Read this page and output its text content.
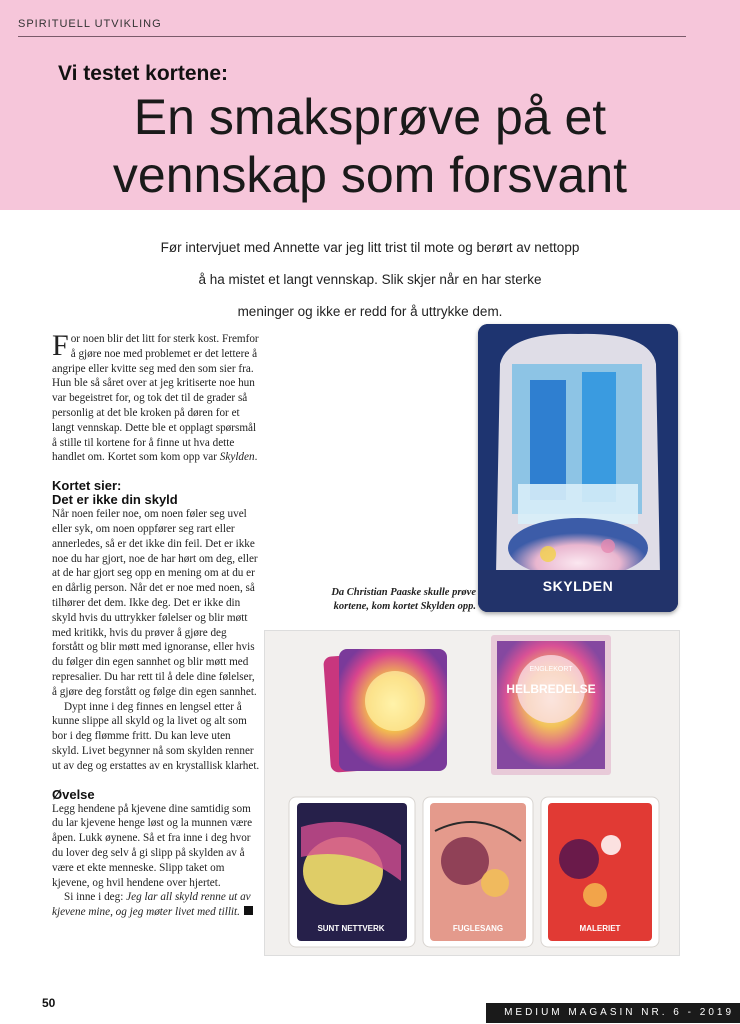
SPIRITUELL UTVIKLING
Vi testet kortene:
En smaksprøve på et
vennskap som forsvant
Før intervjuet med Annette var jeg litt trist til mote og berørt av nettopp
å ha mistet et langt vennskap. Slik skjer når en har sterke
meninger og ikke er redd for å uttrykke dem.

For noen blir det litt for sterk kost. Fremfor å gjøre noe med problemet er det lettere å angripe eller kvitte seg med den som sier fra. Hun ble så såret over at jeg kritiserte noe hun var begeistret for, og tok det til de grader så personlig at det ble kroken på døren for et langt vennskap. Dette ble et opplagt spørsmål å stille til kortene for å finne ut hva dette handlet om. Kortet som kom opp var Skylden.

Kortet sier:
Det er ikke din skyld

Når noen feiler noe, om noen føler seg uvel eller syk, om noen oppfører seg rart eller annerledes, så er det ikke din feil. Det er ikke noe du har gjort, noe de har hørt om deg, eller at de har gjort seg opp en mening om at du er en dårlig person. Når det er noe med noen, så tilhører det dem. Ikke deg. Det er ikke din skyld hvis du uttrykker følelser og blir møtt med kritikk, hvis du prøver å gjøre deg forstått og blir møtt med ignoranse, eller hvis du følger din egen sannhet og blir møtt med represalier. Du har rett til å dele dine følelser, å gjøre deg forstått og følge din egen sannhet.

Dypt inne i deg finnes en lengsel etter å kunne slippe all skyld og la livet og alt som bor i deg flømme fritt. Du kan leve uten skyld. Livet begynner nå som skylden renner ut av deg og erstattes av en krystallisk klarhet.

Øvelse

Legg hendene på kjevene dine samtidig som du lar kjevene henge løst og la munnen være åpen. Lukk øynene. Så et fra inne i deg hvor du lover deg selv å gi slipp på skylden av å være et ekte menneske. Slipp taket om kjevene, og hvil hendene over hjertet.

Si inne i deg: Jeg lar all skyld renne ut av kjevene mine, og jeg møter livet med tillit.

SKYLDEN
Da Christian Paaske skulle prøve kortene, kom kortet Skylden opp.
HELBREDELSE
ENGLEKORT
SUNT NETTVERK	FUGLESANG	MALERIET
50
MEDIUM MAGASIN NR. 6 - 2019
